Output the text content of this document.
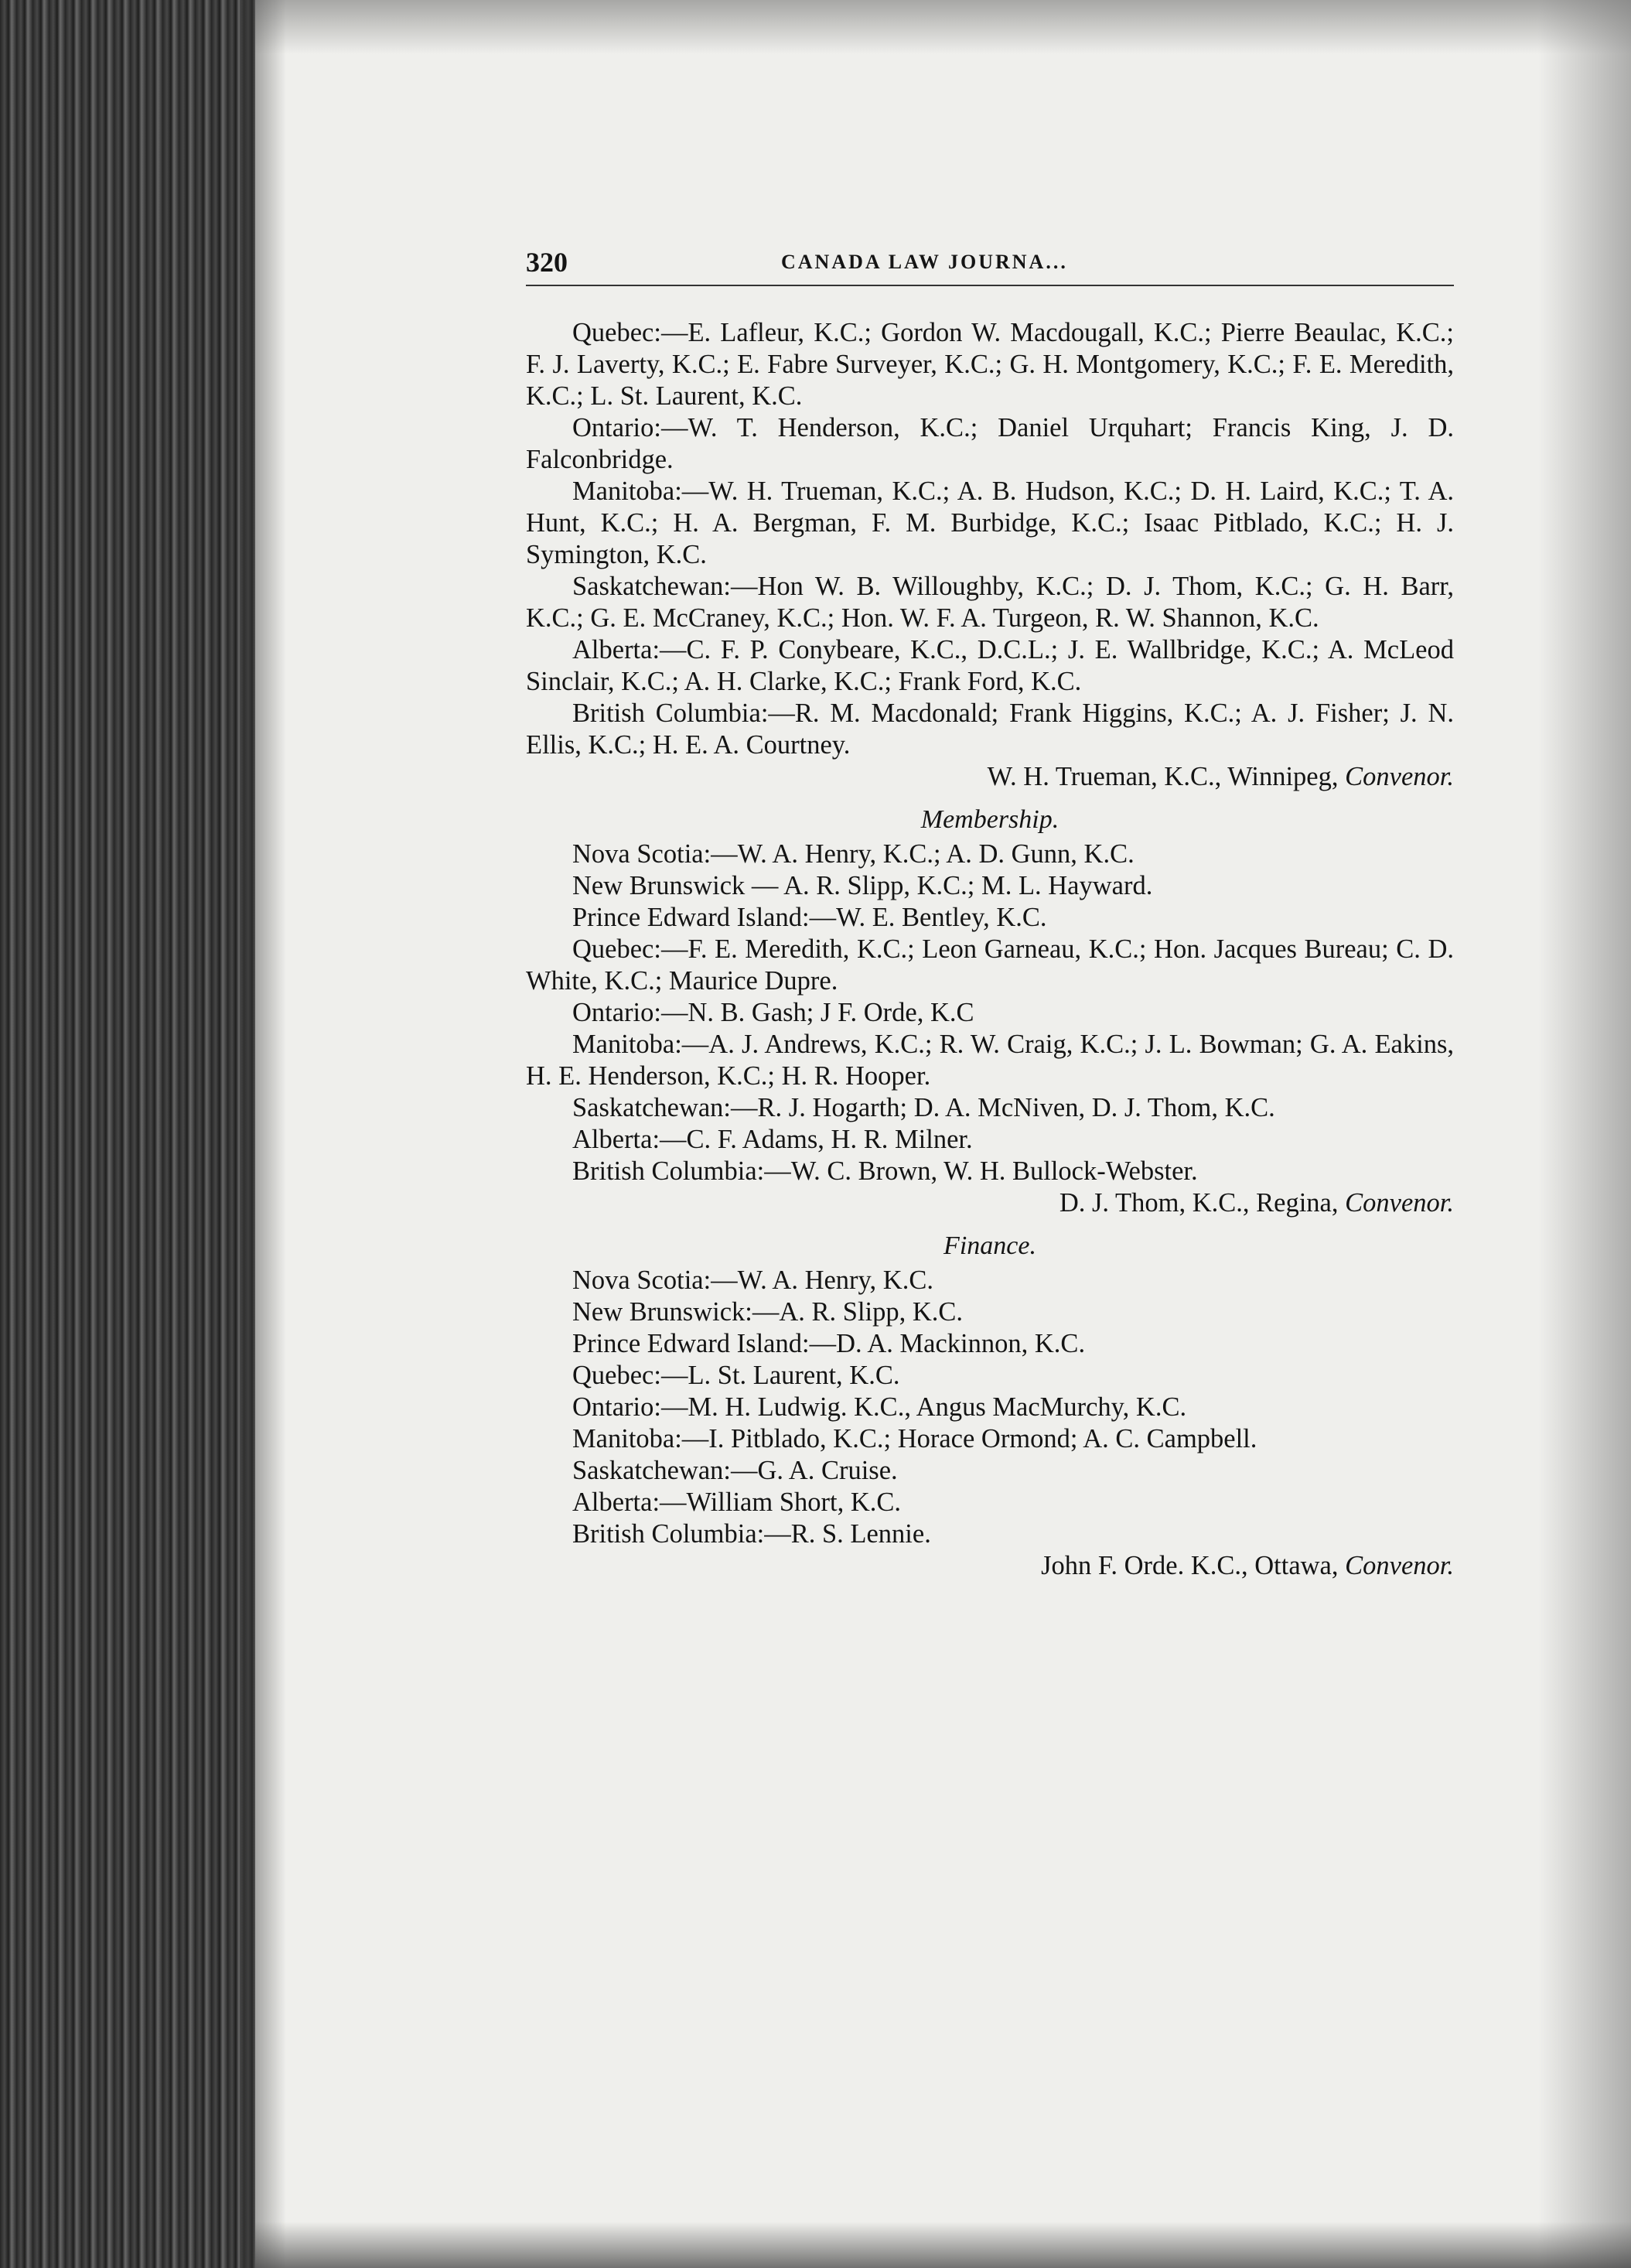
320	CANADA LAW JOURNA...

Quebec:—E. Lafleur, K.C.; Gordon W. Macdougall, K.C.; Pierre Beaulac, K.C.; F. J. Laverty, K.C.; E. Fabre Surveyer, K.C.; G. H. Montgomery, K.C.; F. E. Meredith, K.C.; L. St. Laurent, K.C.

Ontario:—W. T. Henderson, K.C.; Daniel Urquhart; Francis King, J. D. Falconbridge.

Manitoba:—W. H. Trueman, K.C.; A. B. Hudson, K.C.; D. H. Laird, K.C.; T. A. Hunt, K.C.; H. A. Bergman, F. M. Burbidge, K.C.; Isaac Pitblado, K.C.; H. J. Symington, K.C.

Saskatchewan:—Hon W. B. Willoughby, K.C.; D. J. Thom, K.C.; G. H. Barr, K.C.; G. E. McCraney, K.C.; Hon. W. F. A. Turgeon, R. W. Shannon, K.C.

Alberta:—C. F. P. Conybeare, K.C., D.C.L.; J. E. Wallbridge, K.C.; A. McLeod Sinclair, K.C.; A. H. Clarke, K.C.; Frank Ford, K.C.

British Columbia:—R. M. Macdonald; Frank Higgins, K.C.; A. J. Fisher; J. N. Ellis, K.C.; H. E. A. Courtney.

W. H. Trueman, K.C., Winnipeg, Convenor.

Membership.

Nova Scotia:—W. A. Henry, K.C.; A. D. Gunn, K.C.

New Brunswick — A. R. Slipp, K.C.; M. L. Hayward.

Prince Edward Island:—W. E. Bentley, K.C.

Quebec:—F. E. Meredith, K.C.; Leon Garneau, K.C.; Hon. Jacques Bureau; C. D. White, K.C.; Maurice Dupre.

Ontario:—N. B. Gash; J F. Orde, K.C

Manitoba:—A. J. Andrews, K.C.; R. W. Craig, K.C.; J. L. Bowman; G. A. Eakins, H. E. Henderson, K.C.; H. R. Hooper.

Saskatchewan:—R. J. Hogarth; D. A. McNiven, D. J. Thom, K.C.

Alberta:—C. F. Adams, H. R. Milner.

British Columbia:—W. C. Brown, W. H. Bullock-Webster.

D. J. Thom, K.C., Regina, Convenor.

Finance.

Nova Scotia:—W. A. Henry, K.C.

New Brunswick:—A. R. Slipp, K.C.

Prince Edward Island:—D. A. Mackinnon, K.C.

Quebec:—L. St. Laurent, K.C.

Ontario:—M. H. Ludwig. K.C., Angus MacMurchy, K.C.

Manitoba:—I. Pitblado, K.C.; Horace Ormond; A. C. Campbell.

Saskatchewan:—G. A. Cruise.

Alberta:—William Short, K.C.

British Columbia:—R. S. Lennie.

John F. Orde. K.C., Ottawa, Convenor.
